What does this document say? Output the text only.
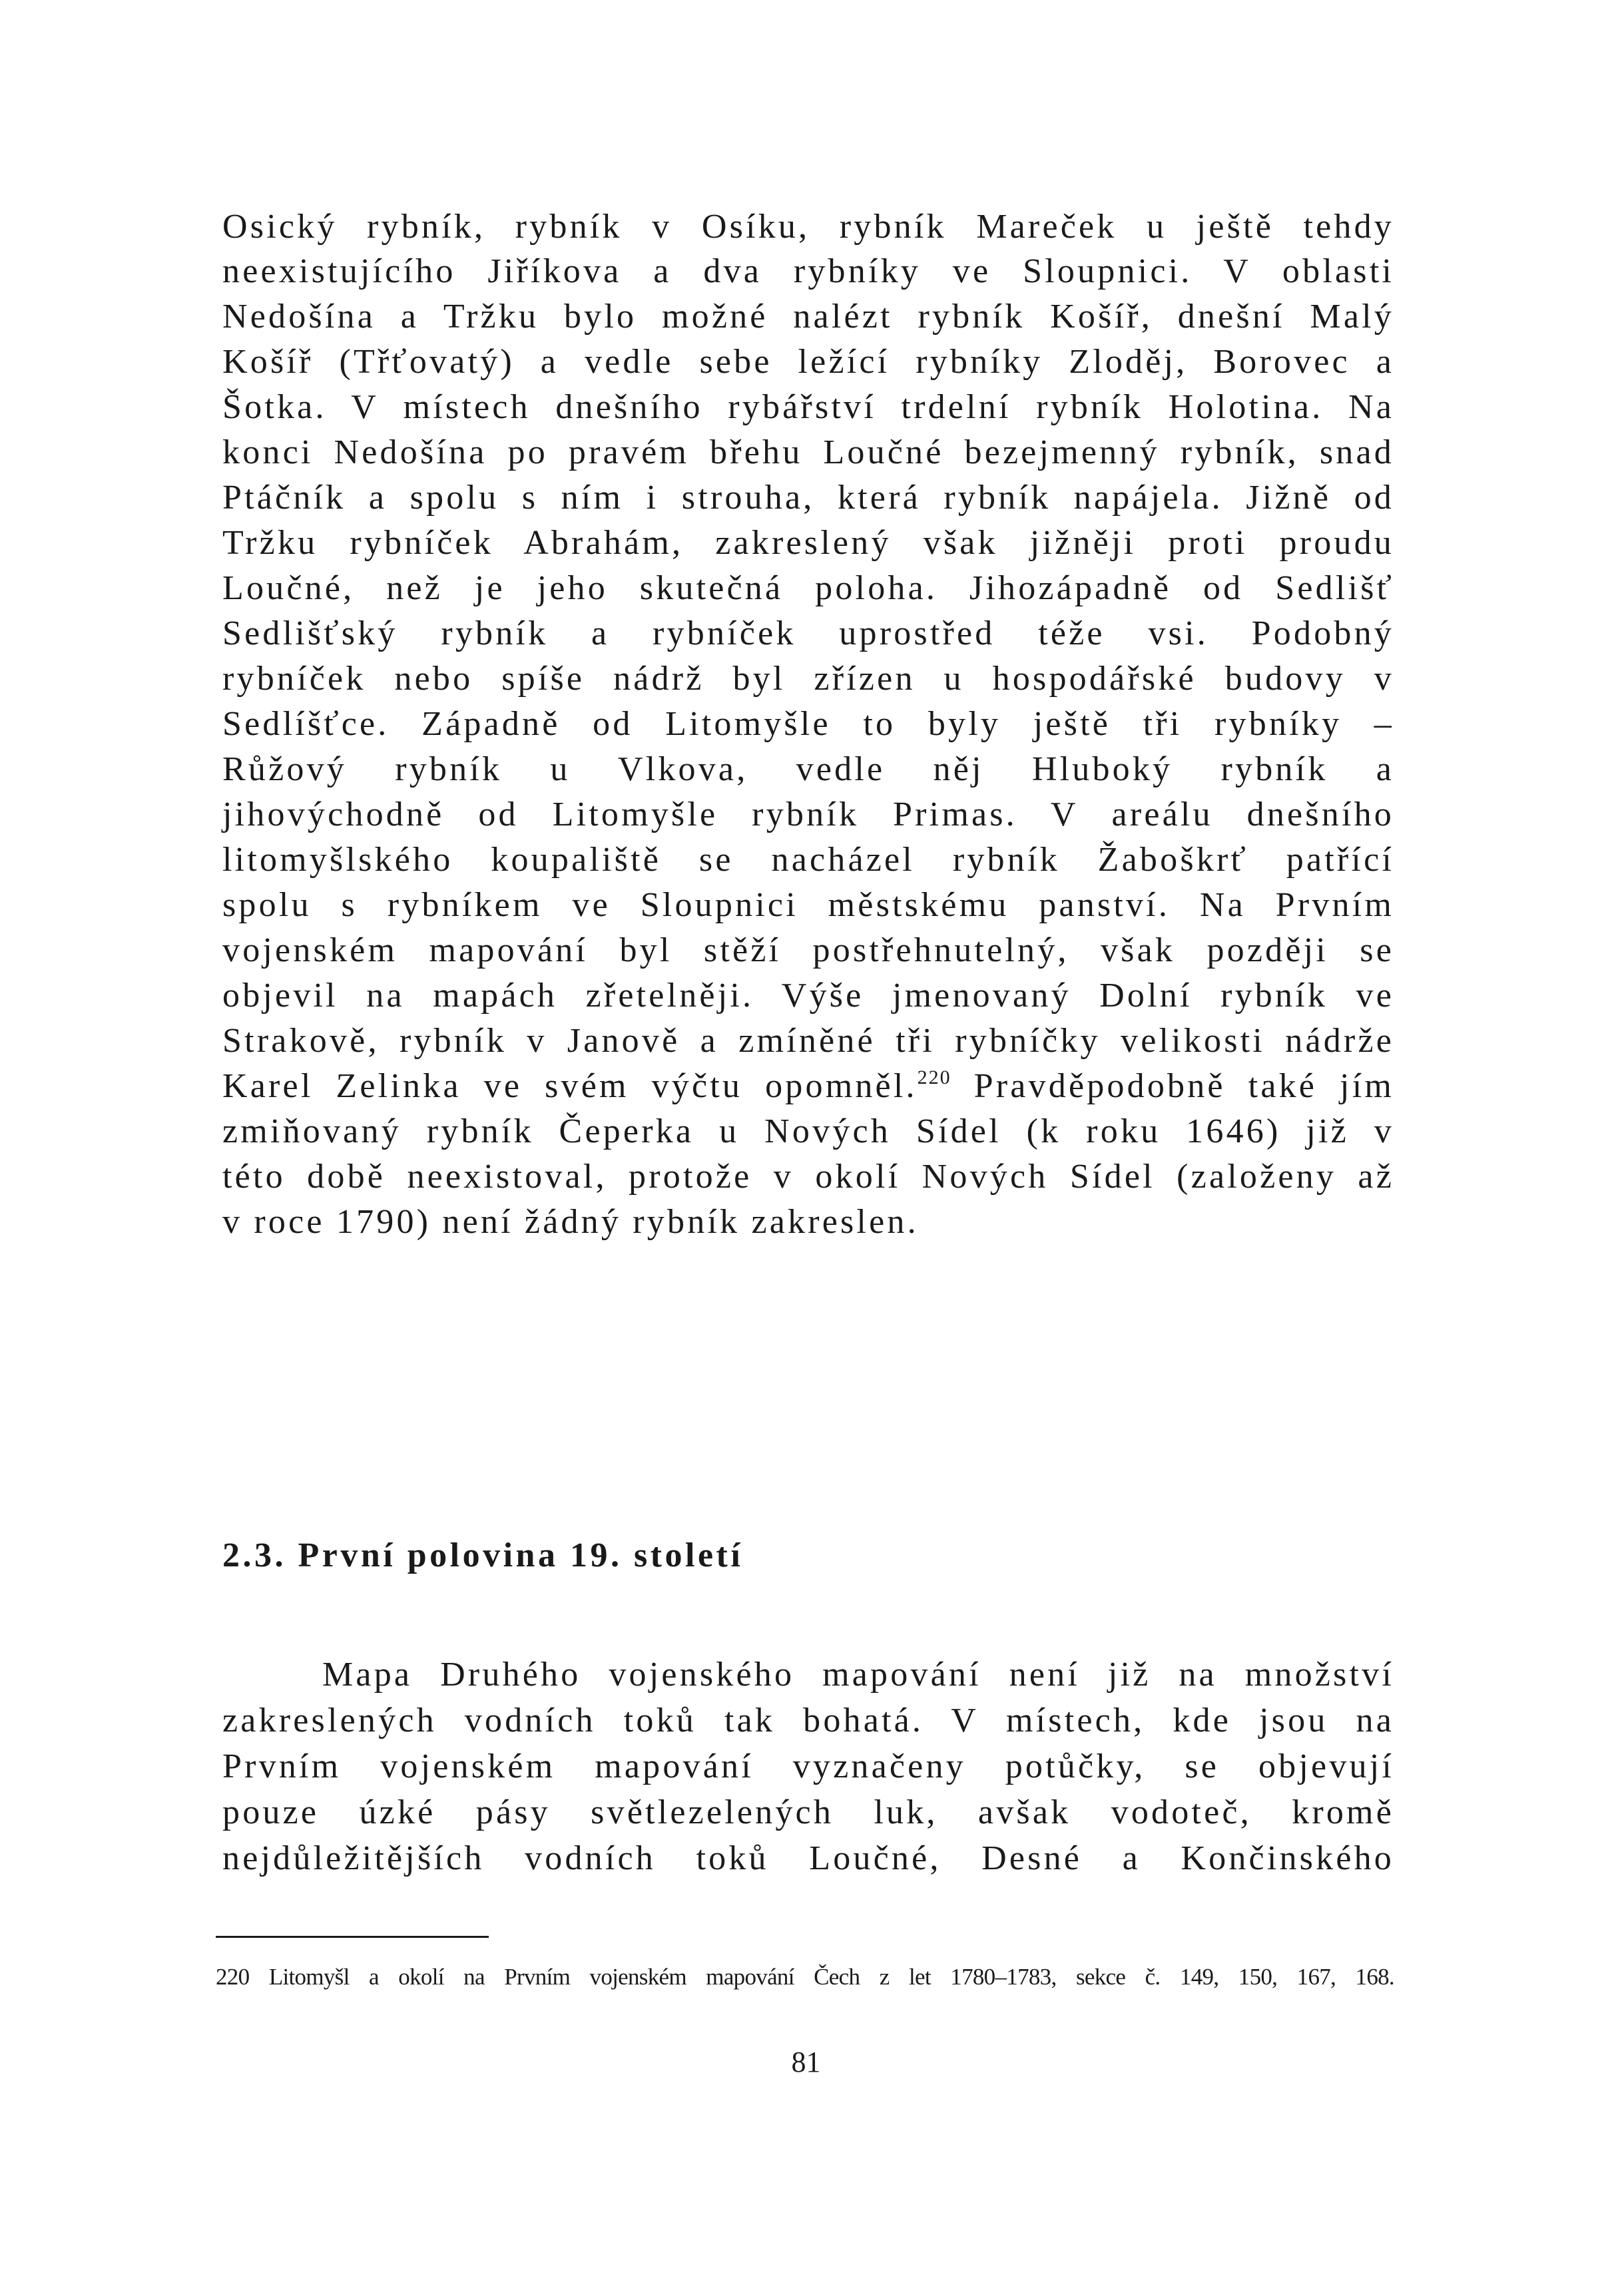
Osický rybník, rybník v Osíku, rybník Mareček u ještě tehdy
neexistujícího Jiříkova a dva rybníky ve Sloupnici. V oblasti
Nedošína a Tržku bylo možné nalézt rybník Košíř, dnešní Malý
Košíř (Třťovatý) a vedle sebe ležící rybníky Zloděj, Borovec a
Šotka. V místech dnešního rybářství trdelní rybník Holotina. Na
konci Nedošína po pravém břehu Loučné bezejmenný rybník, snad
Ptáčník a spolu s ním i strouha, která rybník napájela. Jižně od
Tržku rybníček Abrahám, zakreslený však jižněji proti proudu
Loučné, než je jeho skutečná poloha. Jihozápadně od Sedlišť
Sedlišťský rybník a rybníček uprostřed téže vsi. Podobný
rybníček nebo spíše nádrž byl zřízen u hospodářské budovy v
Sedlíšťce. Západně od Litomyšle to byly ještě tři rybníky –
Růžový rybník u Vlkova, vedle něj Hluboký rybník a
jihovýchodně od Litomyšle rybník Primas. V areálu dnešního
litomyšlského koupaliště se nacházel rybník Žaboškrť patřící
spolu s rybníkem ve Sloupnici městskému panství. Na Prvním
vojenském mapování byl stěží postřehnutelný, však později se
objevil na mapách zřetelněji. Výše jmenovaný Dolní rybník ve
Strakově, rybník v Janově a zmíněné tři rybníčky velikosti nádrže
Karel Zelinka ve svém výčtu opomněl.$^{220}$ Pravděpodobně také jím
zmiňovaný rybník Čeperka u Nových Sídel (k roku 1646) již v
této době neexistoval, protože v okolí Nových Sídel (založeny až
v roce 1790) není žádný rybník zakreslen.
2.3. První polovina 19. století
Mapa Druhého vojenského mapování není již na množství
zakreslených vodních toků tak bohatá. V místech, kde jsou na
Prvním vojenském mapování vyznačeny potůčky, se objevují
pouze úzké pásy světlezelených luk, avšak vodoteč, kromě
nejdůležitějších vodních toků Loučné, Desné a Končinského
220 Litomyšl a okolí na Prvním vojenském mapování Čech z let 1780–1783, sekce č. 149, 150, 167, 168.
81
